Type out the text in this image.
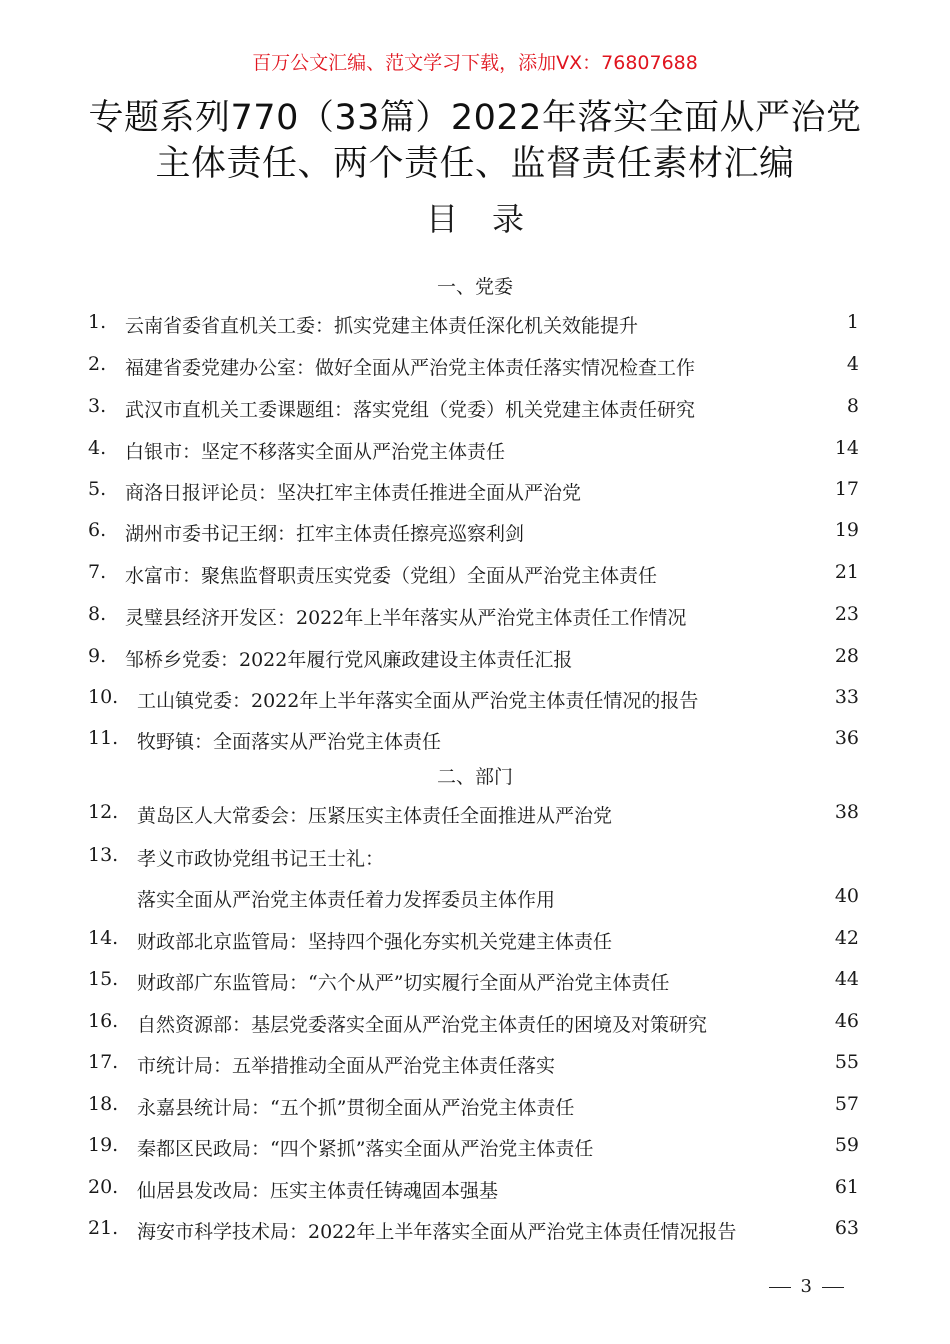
百万公文汇编、范文学习下载，添加VX：76807688
专题系列770（33篇）2022年落实全面从严治党
主体责任、两个责任、监督责任素材汇编
目录
一、党委
二、部门
1. 云南省委省直机关工委：抓实党建主体责任深化机关效能提升	1
2. 福建省委党建办公室：做好全面从严治党主体责任落实情况检查工作	4
3. 武汉市直机关工委课题组：落实党组（党委）机关党建主体责任研究	8
4. 白银市：坚定不移落实全面从严治党主体责任	14
5. 商洛日报评论员：坚决扛牢主体责任推进全面从严治党	17
6. 湖州市委书记王纲：扛牢主体责任擦亮巡察利剑	19
7. 水富市：聚焦监督职责压实党委（党组）全面从严治党主体责任	21
8. 灵璧县经济开发区：2022年上半年落实从严治党主体责任工作情况	23
9. 邹桥乡党委：2022年履行党风廉政建设主体责任汇报	28
10. 工山镇党委：2022年上半年落实全面从严治党主体责任情况的报告	33
11. 牧野镇：全面落实从严治党主体责任	36
12. 黄岛区人大常委会：压紧压实主体责任全面推进从严治党	38
13. 孝义市政协党组书记王士礼：
落实全面从严治党主体责任着力发挥委员主体作用	40
14. 财政部北京监管局：坚持四个强化夯实机关党建主体责任	42
15. 财政部广东监管局：“六个从严”切实履行全面从严治党主体责任	44
16. 自然资源部：基层党委落实全面从严治党主体责任的困境及对策研究	46
17. 市统计局：五举措推动全面从严治党主体责任落实	55
18. 永嘉县统计局：“五个抓”贯彻全面从严治党主体责任	57
19. 秦都区民政局：“四个紧抓”落实全面从严治党主体责任	59
20. 仙居县发改局：压实主体责任铸魂固本强基	61
21. 海安市科学技术局：2022年上半年落实全面从严治党主体责任情况报告	63
3
